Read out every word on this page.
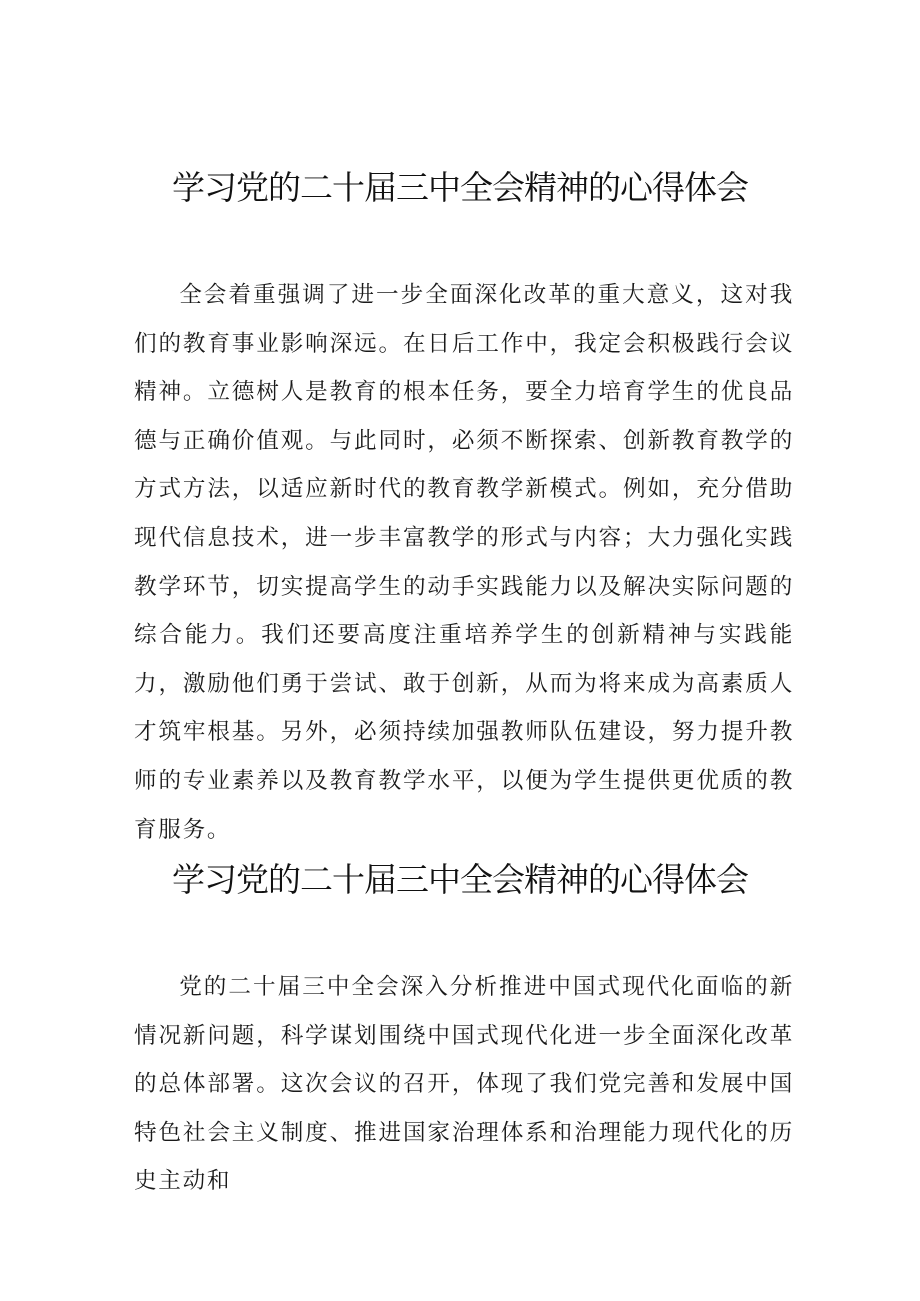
学习党的二十届三中全会精神的心得体会

全会着重强调了进一步全面深化改革的重大意义，这对我们的教育事业影响深远。在日后工作中，我定会积极践行会议精神。立德树人是教育的根本任务，要全力培育学生的优良品德与正确价值观。与此同时，必须不断探索、创新教育教学的方式方法，以适应新时代的教育教学新模式。例如，充分借助现代信息技术，进一步丰富教学的形式与内容；大力强化实践教学环节，切实提高学生的动手实践能力以及解决实际问题的综合能力。我们还要高度注重培养学生的创新精神与实践能力，激励他们勇于尝试、敢于创新，从而为将来成为高素质人才筑牢根基。另外，必须持续加强教师队伍建设，努力提升教师的专业素养以及教育教学水平，以便为学生提供更优质的教育服务。

学习党的二十届三中全会精神的心得体会

党的二十届三中全会深入分析推进中国式现代化面临的新情况新问题，科学谋划围绕中国式现代化进一步全面深化改革的总体部署。这次会议的召开，体现了我们党完善和发展中国特色社会主义制度、推进国家治理体系和治理能力现代化的历史主动和
